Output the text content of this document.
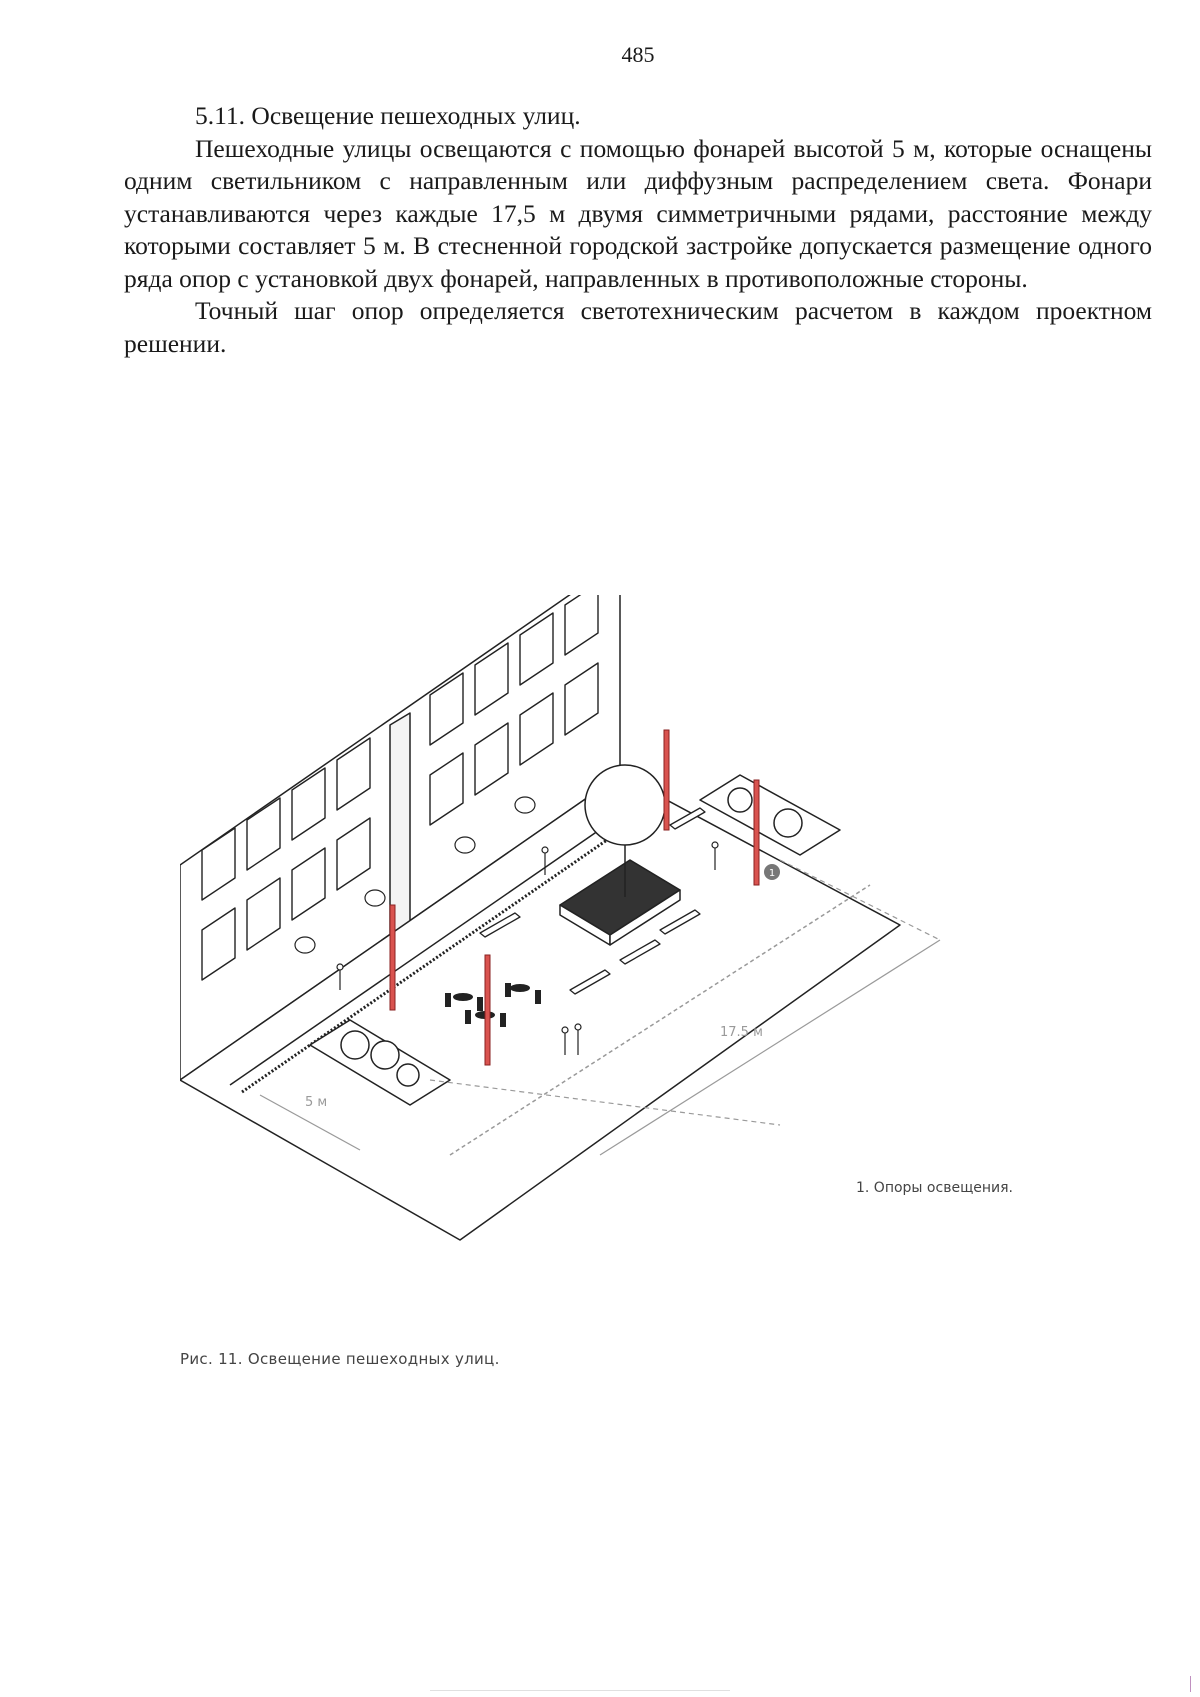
485

5.11. Освещение пешеходных улиц.

Пешеходные улицы освещаются с помощью фонарей высотой 5 м, которые оснащены одним светильником с направленным или диффузным распределением света. Фонари устанавливаются через каждые 17,5 м двумя симметричными рядами, расстояние между которыми составляет 5 м. В стесненной городской застройке допускается размещение одного ряда опор с установкой двух фонарей, направленных в противоположные стороны.

Точный шаг опор определяется светотехническим расчетом в каждом проектном решении.

1
5 м
17.5 м
1. Опоры освещения.
Рис. 11. Освещение пешеходных улиц.
